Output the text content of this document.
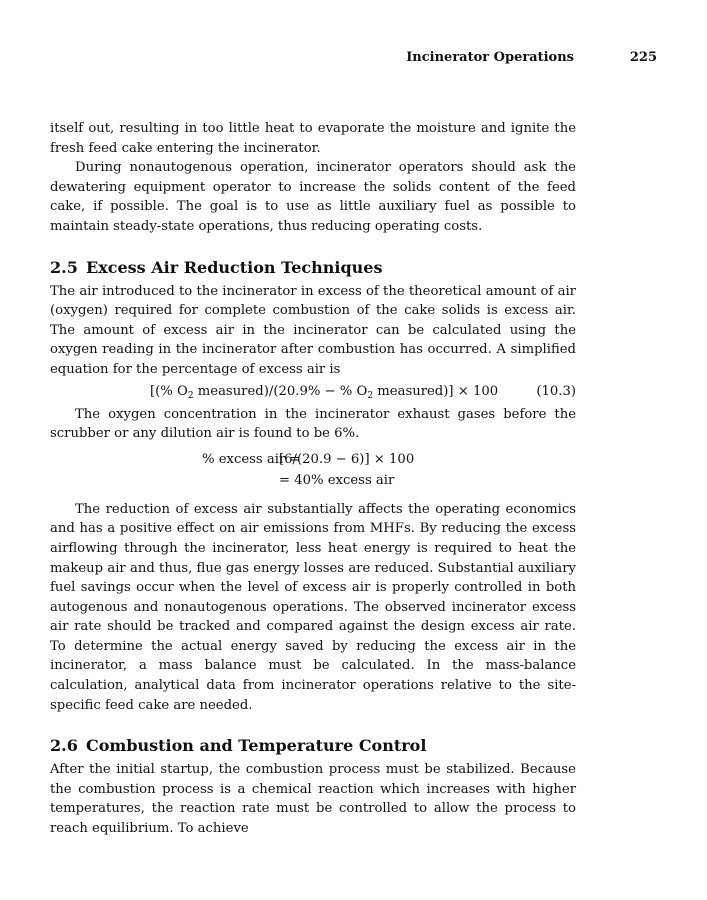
Incinerator Operations	225

itself out, resulting in too little heat to evaporate the moisture and ignite the fresh feed cake entering the incinerator.

During nonautogenous operation, incinerator operators should ask the dewatering equipment operator to increase the solids content of the feed cake, if possible. The goal is to use as little auxiliary fuel as possible to maintain steady-state operations, thus reducing operating costs.

2.5 Excess Air Reduction Techniques

The air introduced to the incinerator in excess of the theoretical amount of air (oxygen) required for complete combustion of the cake solids is excess air. The amount of excess air in the incinerator can be calculated using the oxygen reading in the incinerator after combustion has occurred. A simplified equation for the percentage of excess air is

[(% $O_2$ measured)/(20.9% − % $O_2$ measured)] × 100	(10.3)

The oxygen concentration in the incinerator exhaust gases before the scrubber or any dilution air is found to be 6%.

% excess air =
[6/(20.9 − 6)] × 100
= 40% excess air

The reduction of excess air substantially affects the operating economics and has a positive effect on air emissions from MHFs. By reducing the excess airflowing through the incinerator, less heat energy is required to heat the makeup air and thus, flue gas energy losses are reduced. Substantial auxiliary fuel savings occur when the level of excess air is properly controlled in both autogenous and nonautogenous operations. The observed incinerator excess air rate should be tracked and compared against the design excess air rate. To determine the actual energy saved by reducing the excess air in the incinerator, a mass balance must be calculated. In the mass-balance calculation, analytical data from incinerator operations relative to the site-specific feed cake are needed.

2.6 Combustion and Temperature Control

After the initial startup, the combustion process must be stabilized. Because the combustion process is a chemical reaction which increases with higher temperatures, the reaction rate must be controlled to allow the process to reach equilibrium. To achieve
